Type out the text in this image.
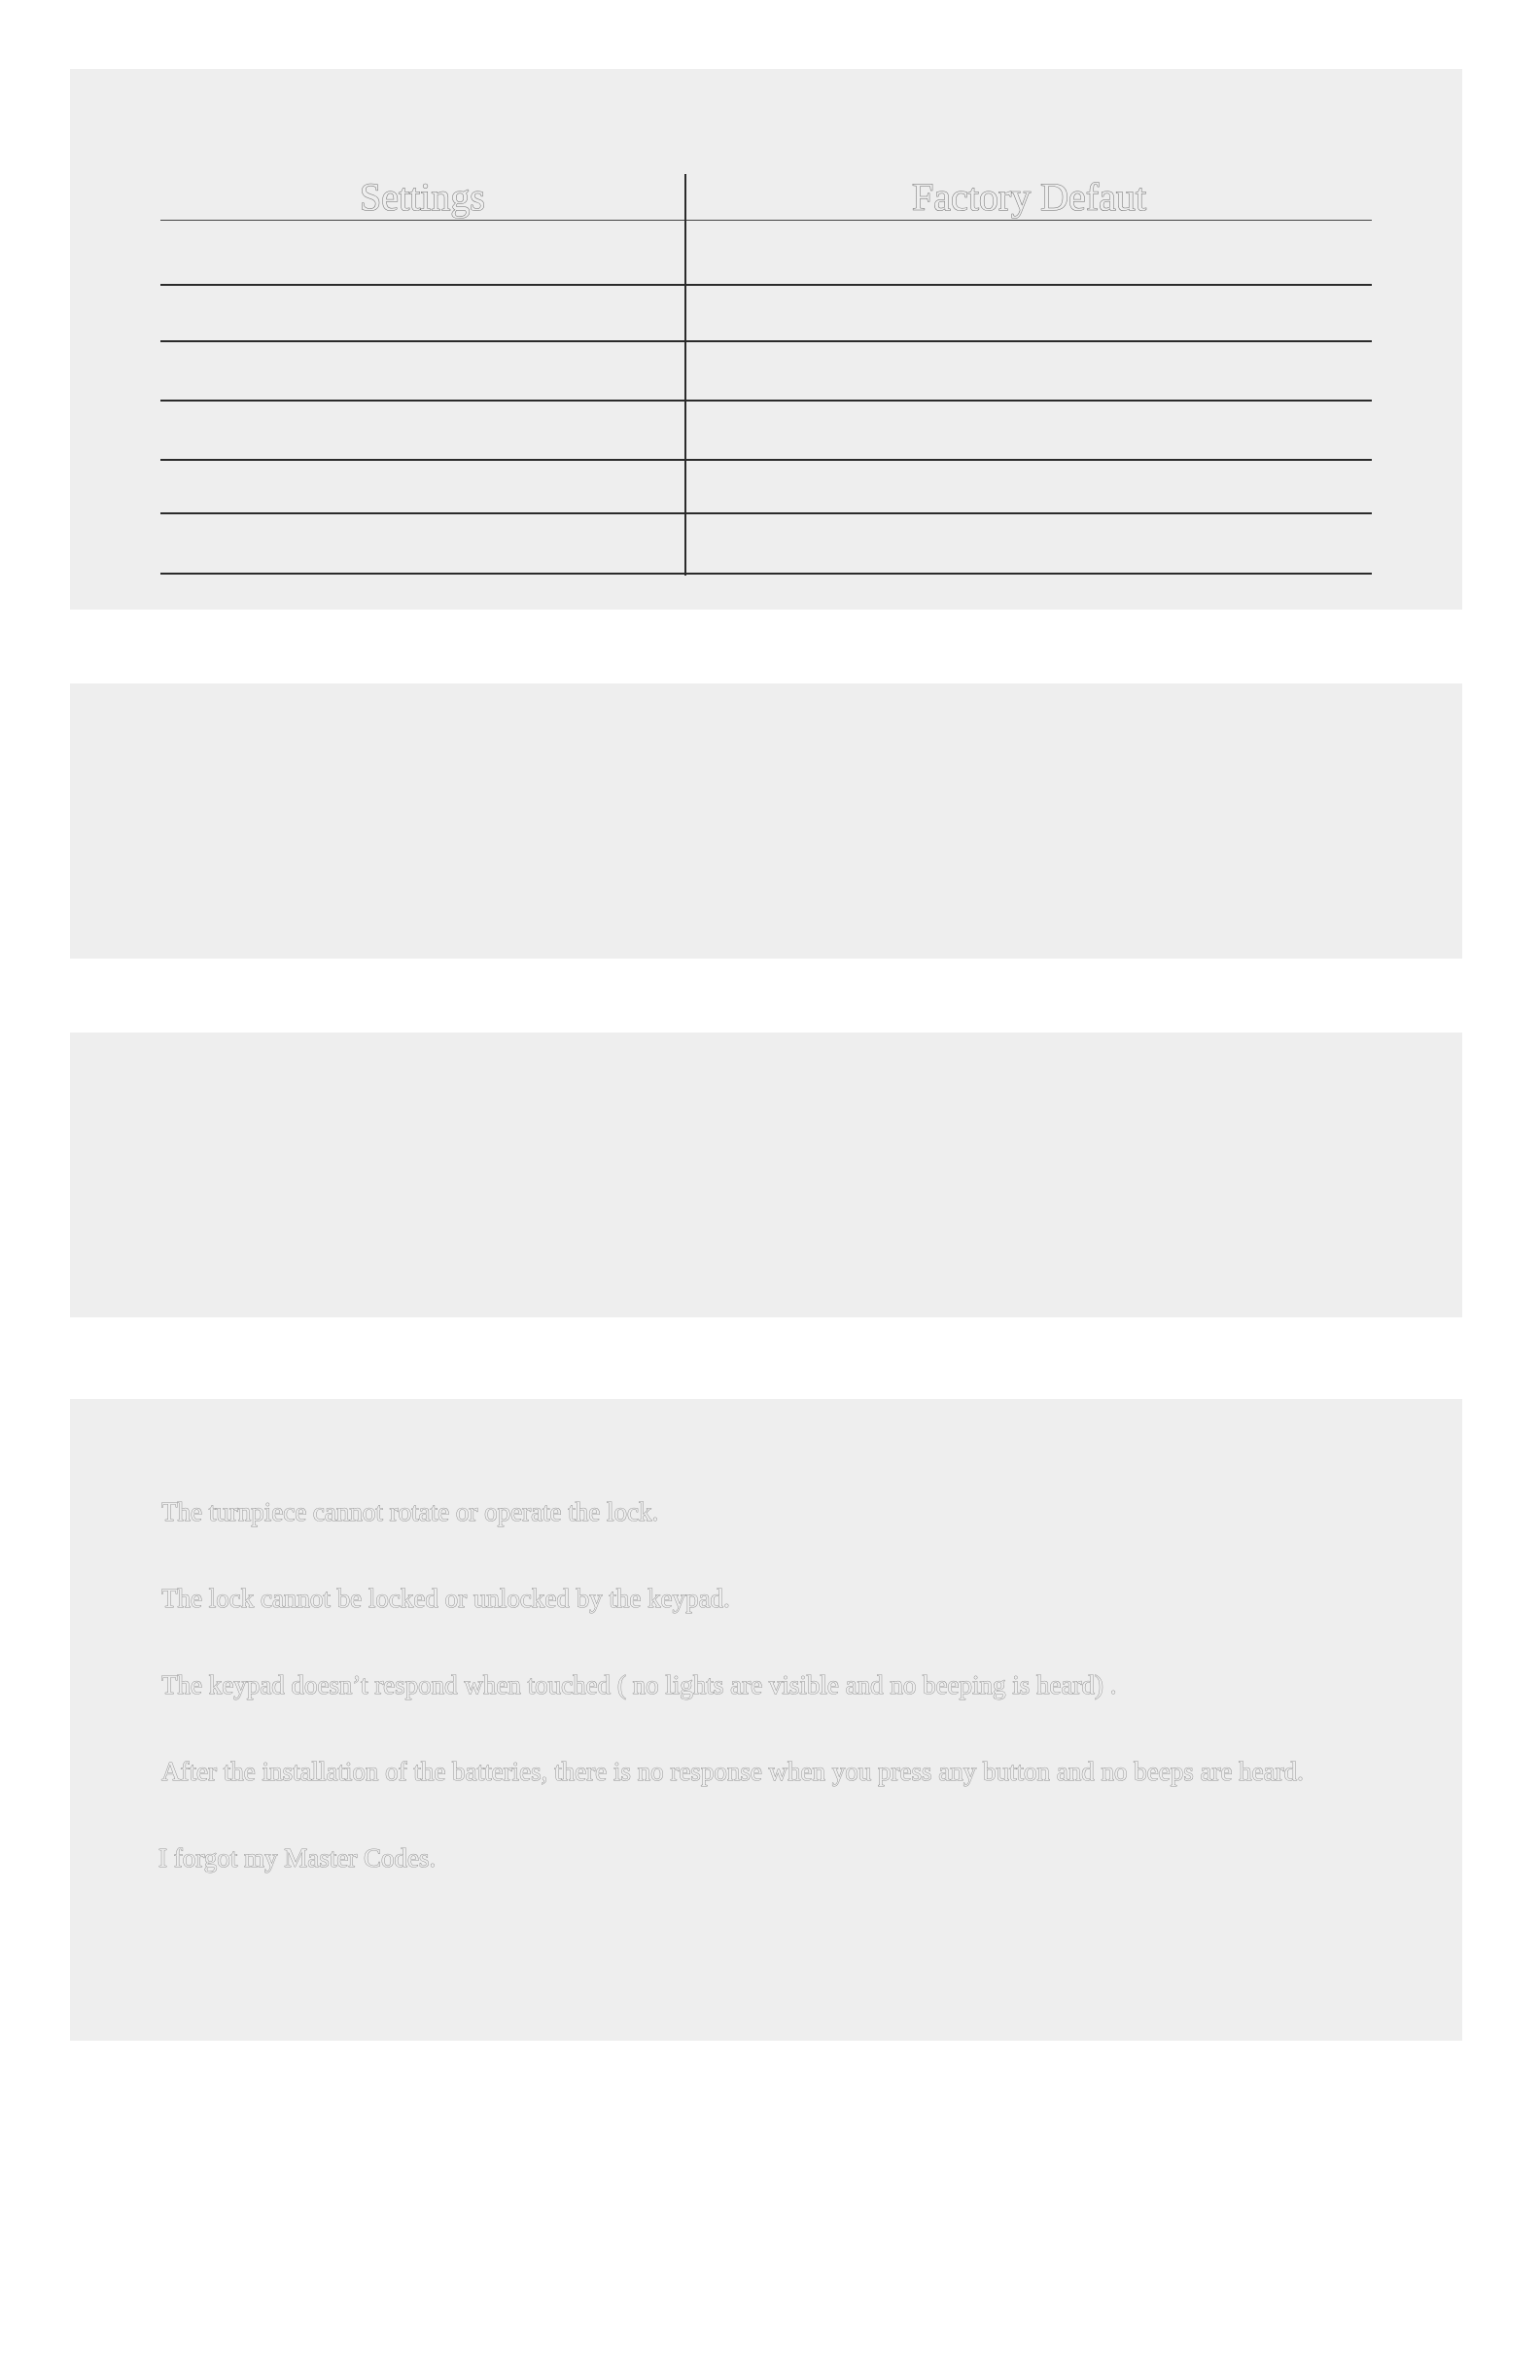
Settings	Factory Defaut
The turnpiece cannot rotate or operate the lock.
The lock cannot be locked or unlocked by the keypad.
The keypad doesn’t respond when touched ( no lights are visible and no beeping is heard) .
After the installation of the batteries, there is no response when you press any button and no beeps are heard.
I forgot my Master Codes.
